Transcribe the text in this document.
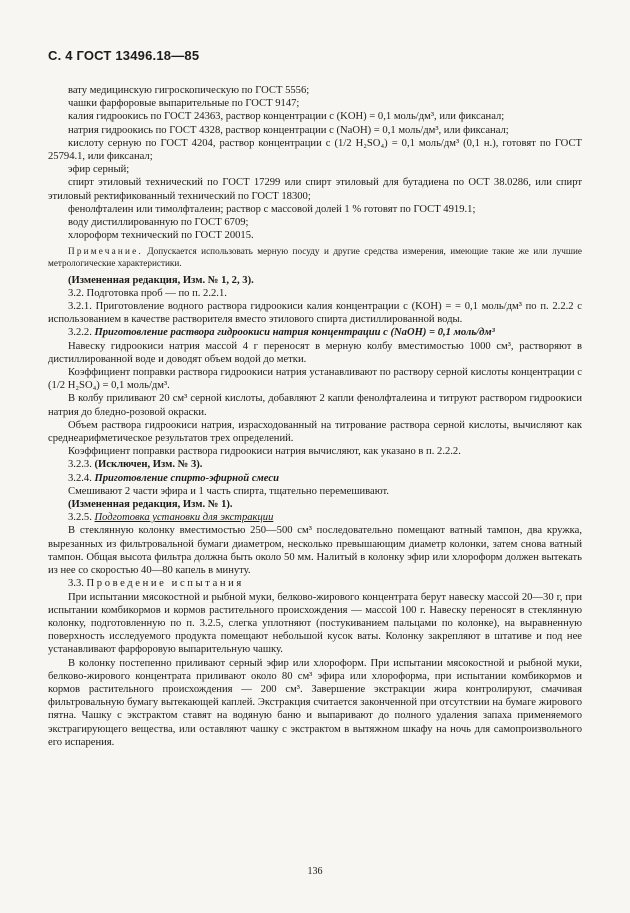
С. 4 ГОСТ 13496.18—85

вату медицинскую гигроскопическую по ГОСТ 5556;

чашки фарфоровые выпарительные по ГОСТ 9147;

калия гидроокись по ГОСТ 24363, раствор концентрации c (KOH) = 0,1 моль/дм³, или фиксанал;

натрия гидроокись по ГОСТ 4328, раствор концентрации c (NaOH) = 0,1 моль/дм³, или фиксанал;

кислоту серную по ГОСТ 4204, раствор концентрации c (1/2 H₂SO₄) = 0,1 моль/дм³ (0,1 н.), готовят по ГОСТ 25794.1, или фиксанал;

эфир серный;

спирт этиловый технический по ГОСТ 17299 или спирт этиловый для бутадиена по ОСТ 38.0286, или спирт этиловый ректификованный технический по ГОСТ 18300;

фенолфталеин или тимолфталеин; раствор с массовой долей 1 % готовят по ГОСТ 4919.1;

воду дистиллированную по ГОСТ 6709;

хлороформ технический по ГОСТ 20015.

Примечание. Допускается использовать мерную посуду и другие средства измерения, имеющие такие же или лучшие метрологические характеристики.

(Измененная редакция, Изм. № 1, 2, 3).

3.2. Подготовка проб — по п. 2.2.1.

3.2.1. Приготовление водного раствора гидроокиси калия концентрации c (KOH) = = 0,1 моль/дм³ по п. 2.2.2 с использованием в качестве растворителя вместо этилового спирта дистиллированной воды.

3.2.2. Приготовление раствора гидроокиси натрия концентрации c (NaOH) = 0,1 моль/дм³

Навеску гидроокиси натрия массой 4 г переносят в мерную колбу вместимостью 1000 см³, растворяют в дистиллированной воде и доводят объем водой до метки.

Коэффициент поправки раствора гидроокиси натрия устанавливают по раствору серной кислоты концентрации c (1/2 H₂SO₄) = 0,1 моль/дм³.

В колбу приливают 20 см³ серной кислоты, добавляют 2 капли фенолфталеина и титруют раствором гидроокиси натрия до бледно-розовой окраски.

Объем раствора гидроокиси натрия, израсходованный на титрование раствора серной кислоты, вычисляют как среднеарифметическое результатов трех определений.

Коэффициент поправки раствора гидроокиси натрия вычисляют, как указано в п. 2.2.2.

3.2.3. (Исключен, Изм. № 3).

3.2.4. Приготовление спирто-эфирной смеси

Смешивают 2 части эфира и 1 часть спирта, тщательно перемешивают.

(Измененная редакция, Изм. № 1).

3.2.5. Подготовка установки для экстракции

В стеклянную колонку вместимостью 250—500 см³ последовательно помещают ватный тампон, два кружка, вырезанных из фильтровальной бумаги диаметром, несколько превышающим диаметр колонки, затем снова ватный тампон. Общая высота фильтра должна быть около 50 мм. Налитый в колонку эфир или хлороформ должен вытекать из нее со скоростью 40—80 капель в минуту.

3.3. Проведение испытания

При испытании мясокостной и рыбной муки, белково-жирового концентрата берут навеску массой 20—30 г, при испытании комбикормов и кормов растительного происхождения — массой 100 г. Навеску переносят в стеклянную колонку, подготовленную по п. 3.2.5, слегка уплотняют (постукиванием пальцами по колонке), на выравненную поверхность исследуемого продукта помещают небольшой кусок ваты. Колонку закрепляют в штативе и под нее устанавливают фарфоровую выпарительную чашку.

В колонку постепенно приливают серный эфир или хлороформ. При испытании мясокостной и рыбной муки, белково-жирового концентрата приливают около 80 см³ эфира или хлороформа, при испытании комбикормов и кормов растительного происхождения — 200 см³. Завершение экстракции жира контролируют, смачивая фильтровальную бумагу вытекающей каплей. Экстракция считается законченной при отсутствии на бумаге жирового пятна. Чашку с экстрактом ставят на водяную баню и выпаривают до полного удаления запаха применяемого экстрагирующего вещества, или оставляют чашку с экстрактом в вытяжном шкафу на ночь для самопроизвольного его испарения.

136
